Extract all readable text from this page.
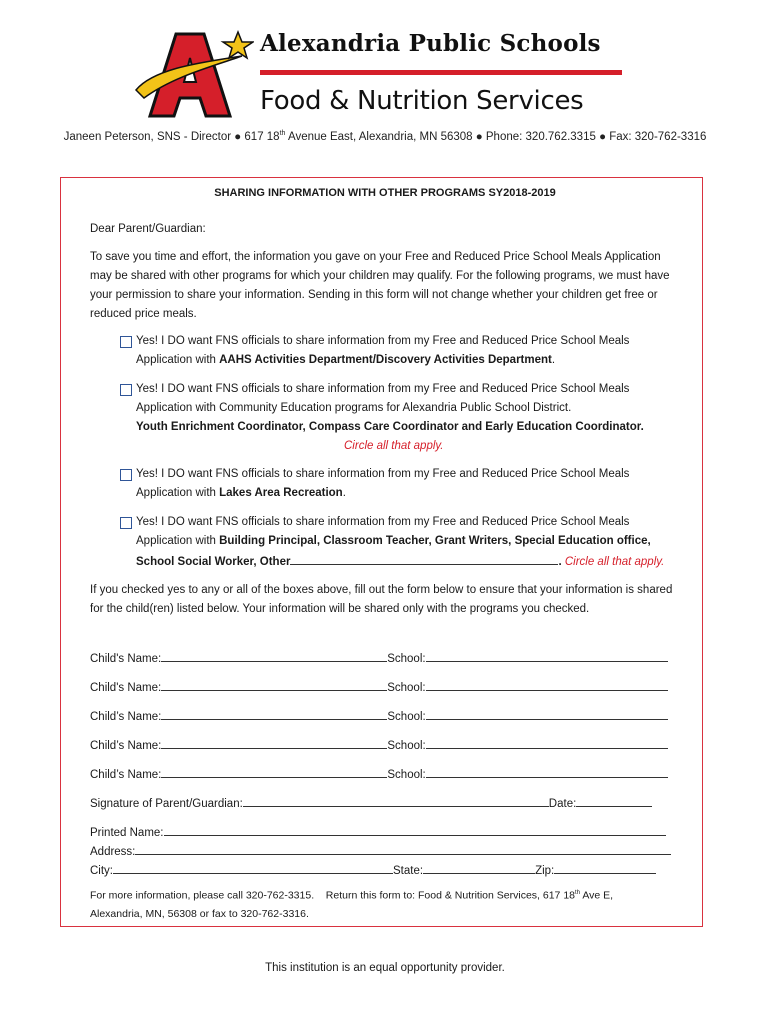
Alexandria Public Schools
Food & Nutrition Services
Janeen Peterson, SNS - Director ● 617 18th Avenue East, Alexandria, MN 56308 ● Phone: 320.762.3315 ● Fax: 320-762-3316
SHARING INFORMATION WITH OTHER PROGRAMS SY2018-2019
Dear Parent/Guardian:
To save you time and effort, the information you gave on your Free and Reduced Price School Meals Application may be shared with other programs for which your children may qualify. For the following programs, we must have your permission to share your information. Sending in this form will not change whether your children get free or reduced price meals.
Yes! I DO want FNS officials to share information from my Free and Reduced Price School Meals
Application with AAHS Activities Department/Discovery Activities Department.
Yes! I DO want FNS officials to share information from my Free and Reduced Price School Meals
Application with Community Education programs for Alexandria Public School District.
Youth Enrichment Coordinator, Compass Care Coordinator and Early Education Coordinator.
Circle all that apply.
Yes! I DO want FNS officials to share information from my Free and Reduced Price School Meals
Application with Lakes Area Recreation.
Yes! I DO want FNS officials to share information from my Free and Reduced Price School Meals
Application with Building Principal, Classroom Teacher, Grant Writers, Special Education office,
School Social Worker, Other	. Circle all that apply.
If you checked yes to any or all of the boxes above, fill out the form below to ensure that your information is shared for the child(ren) listed below. Your information will be shared only with the programs you checked.
Child's Name:	School:
Child's Name:	School:
Child’s Name:	School:
Child’s Name:	School:
Child’s Name:	School:
Signature of Parent/Guardian:	Date:
Printed Name:
Address:
City:	State:	Zip:
For more information, please call 320-762-3315. Return this form to: Food & Nutrition Services, 617 18th Ave E,
Alexandria, MN, 56308 or fax to 320-762-3316.
This institution is an equal opportunity provider.
